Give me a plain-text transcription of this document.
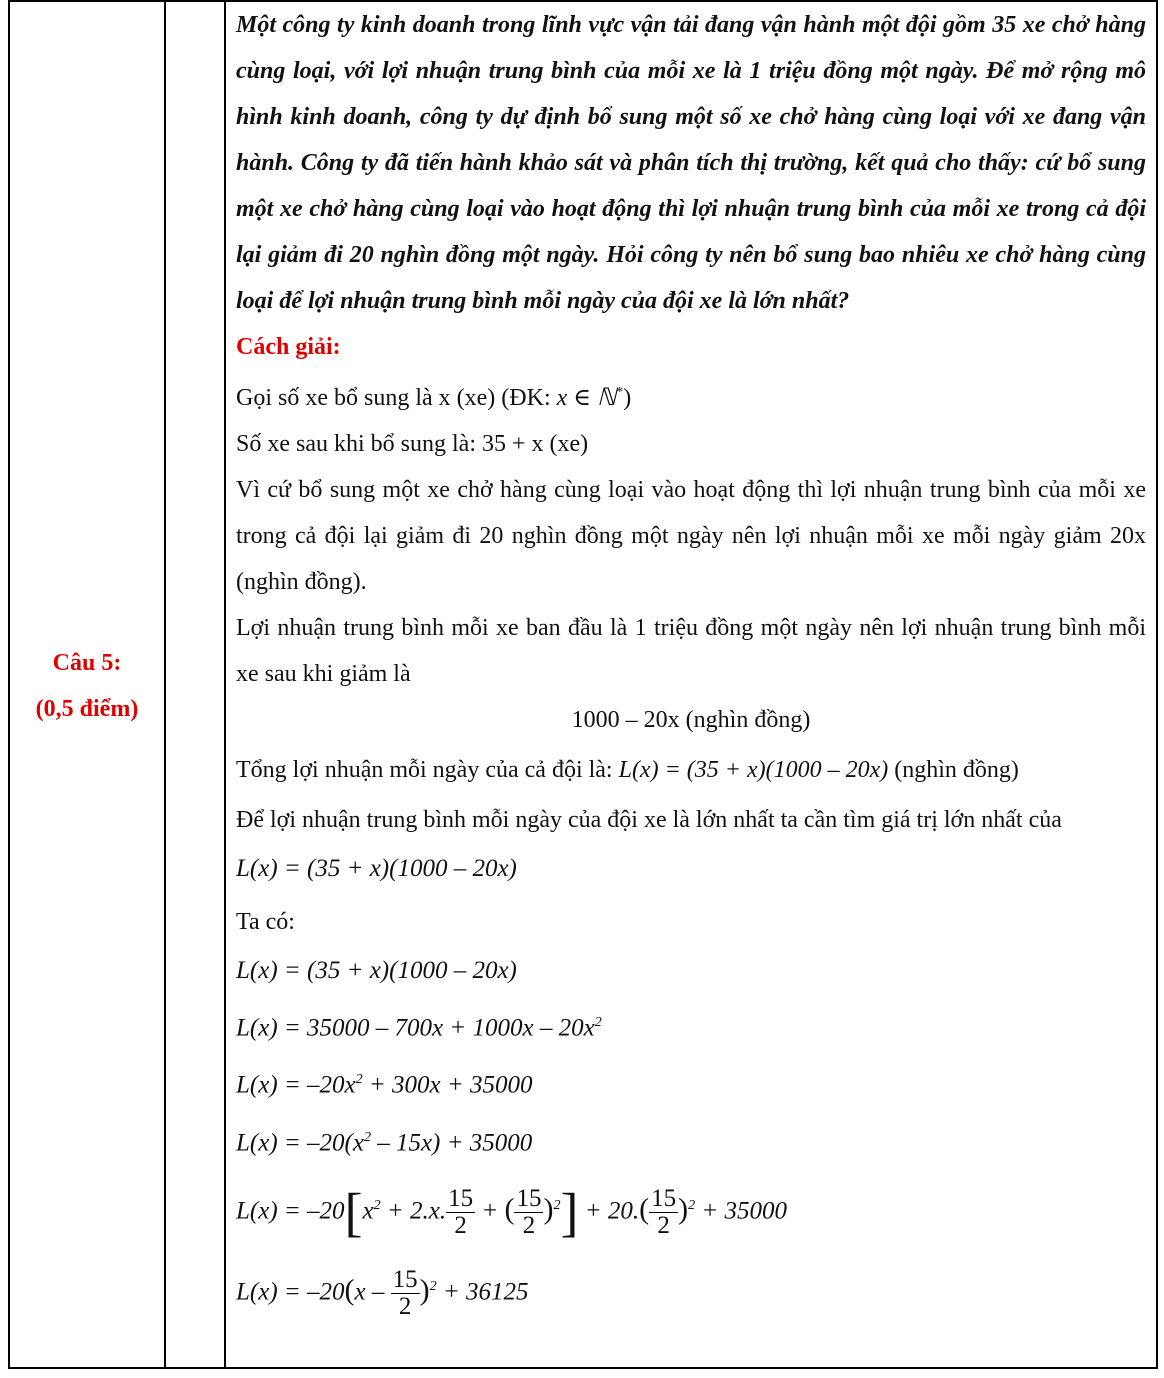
Câu 5:
(0,5 điểm)

Một công ty kinh doanh trong lĩnh vực vận tải đang vận hành một đội gồm 35 xe chở hàng cùng loại, với lợi nhuận trung bình của mỗi xe là 1 triệu đồng một ngày. Để mở rộng mô hình kinh doanh, công ty dự định bổ sung một số xe chở hàng cùng loại với xe đang vận hành. Công ty đã tiến hành khảo sát và phân tích thị trường, kết quả cho thấy: cứ bổ sung một xe chở hàng cùng loại vào hoạt động thì lợi nhuận trung bình của mỗi xe trong cả đội lại giảm đi 20 nghìn đồng một ngày. Hỏi công ty nên bổ sung bao nhiêu xe chở hàng cùng loại để lợi nhuận trung bình mỗi ngày của đội xe là lớn nhất?

Cách giải:

Gọi số xe bổ sung là x (xe) (ĐK: x ∈ ℕ*)

Số xe sau khi bổ sung là: 35 + x (xe)

Vì cứ bổ sung một xe chở hàng cùng loại vào hoạt động thì lợi nhuận trung bình của mỗi xe trong cả đội lại giảm đi 20 nghìn đồng một ngày nên lợi nhuận mỗi xe mỗi ngày giảm 20x (nghìn đồng).

Lợi nhuận trung bình mỗi xe ban đầu là 1 triệu đồng một ngày nên lợi nhuận trung bình mỗi xe sau khi giảm là

1000 – 20x (nghìn đồng)

Tổng lợi nhuận mỗi ngày của cả đội là: L(x) = (35 + x)(1000 – 20x) (nghìn đồng)

Để lợi nhuận trung bình mỗi ngày của đội xe là lớn nhất ta cần tìm giá trị lớn nhất của

L(x) = (35 + x)(1000 – 20x)

Ta có:

L(x) = (35 + x)(1000 – 20x)

$L(x) = 35000 - 700x + 1000x - 20x^2$

$L(x) = -20x^2 + 300x + 35000$

$L(x) = -20(x^2 - 15x) + 35000$

$L(x) = -20[x^2 + 2.x$. $\frac{15}{2}$ + ( $\frac{15}{2} )^2] + 20.( \frac{15}{2} )^2 + 35000$

$L(x) = -20(x - \frac{15}{2} )^2 + 36125$
